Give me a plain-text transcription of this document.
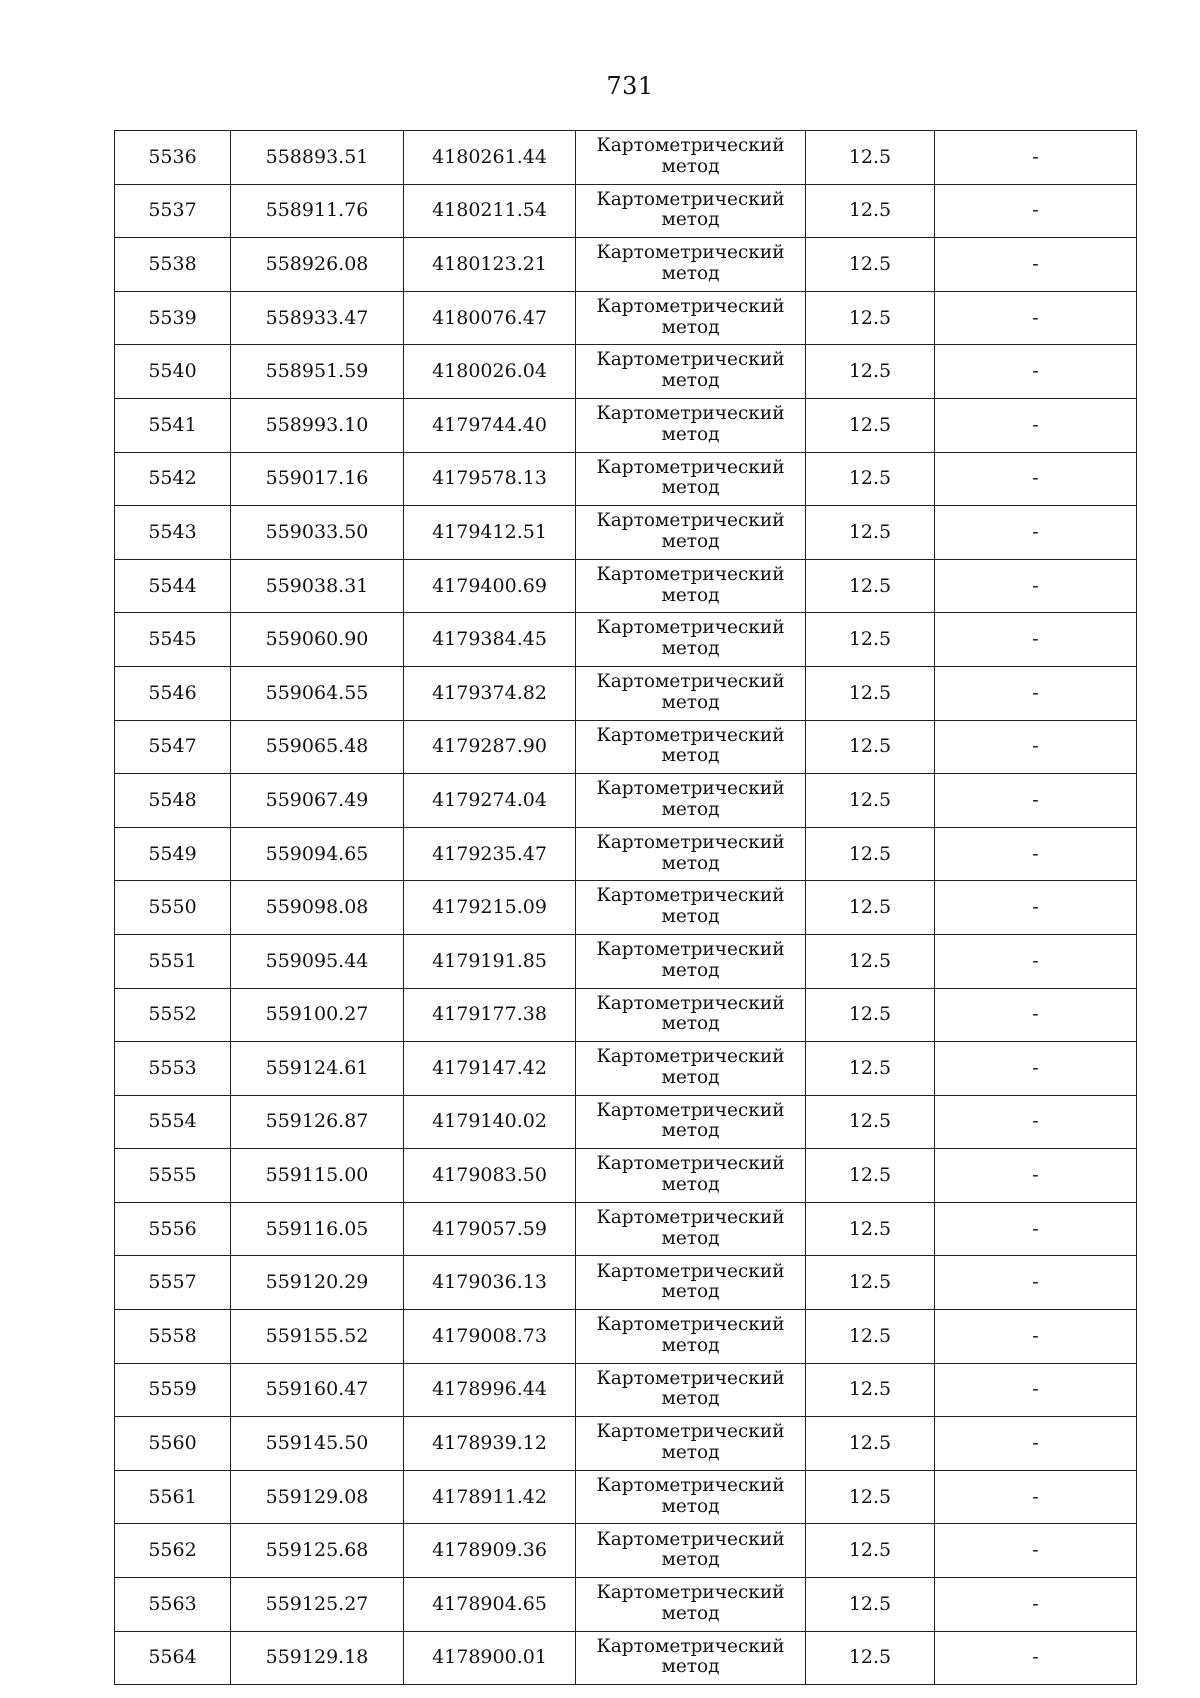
731
5536	558893.51	4180261.44	Картометрический
метод	12.5	-
5537	558911.76	4180211.54	Картометрический
метод	12.5	-
5538	558926.08	4180123.21	Картометрический
метод	12.5	-
5539	558933.47	4180076.47	Картометрический
метод	12.5	-
5540	558951.59	4180026.04	Картометрический
метод	12.5	-
5541	558993.10	4179744.40	Картометрический
метод	12.5	-
5542	559017.16	4179578.13	Картометрический
метод	12.5	-
5543	559033.50	4179412.51	Картометрический
метод	12.5	-
5544	559038.31	4179400.69	Картометрический
метод	12.5	-
5545	559060.90	4179384.45	Картометрический
метод	12.5	-
5546	559064.55	4179374.82	Картометрический
метод	12.5	-
5547	559065.48	4179287.90	Картометрический
метод	12.5	-
5548	559067.49	4179274.04	Картометрический
метод	12.5	-
5549	559094.65	4179235.47	Картометрический
метод	12.5	-
5550	559098.08	4179215.09	Картометрический
метод	12.5	-
5551	559095.44	4179191.85	Картометрический
метод	12.5	-
5552	559100.27	4179177.38	Картометрический
метод	12.5	-
5553	559124.61	4179147.42	Картометрический
метод	12.5	-
5554	559126.87	4179140.02	Картометрический
метод	12.5	-
5555	559115.00	4179083.50	Картометрический
метод	12.5	-
5556	559116.05	4179057.59	Картометрический
метод	12.5	-
5557	559120.29	4179036.13	Картометрический
метод	12.5	-
5558	559155.52	4179008.73	Картометрический
метод	12.5	-
5559	559160.47	4178996.44	Картометрический
метод	12.5	-
5560	559145.50	4178939.12	Картометрический
метод	12.5	-
5561	559129.08	4178911.42	Картометрический
метод	12.5	-
5562	559125.68	4178909.36	Картометрический
метод	12.5	-
5563	559125.27	4178904.65	Картометрический
метод	12.5	-
5564	559129.18	4178900.01	Картометрический
метод	12.5	-
